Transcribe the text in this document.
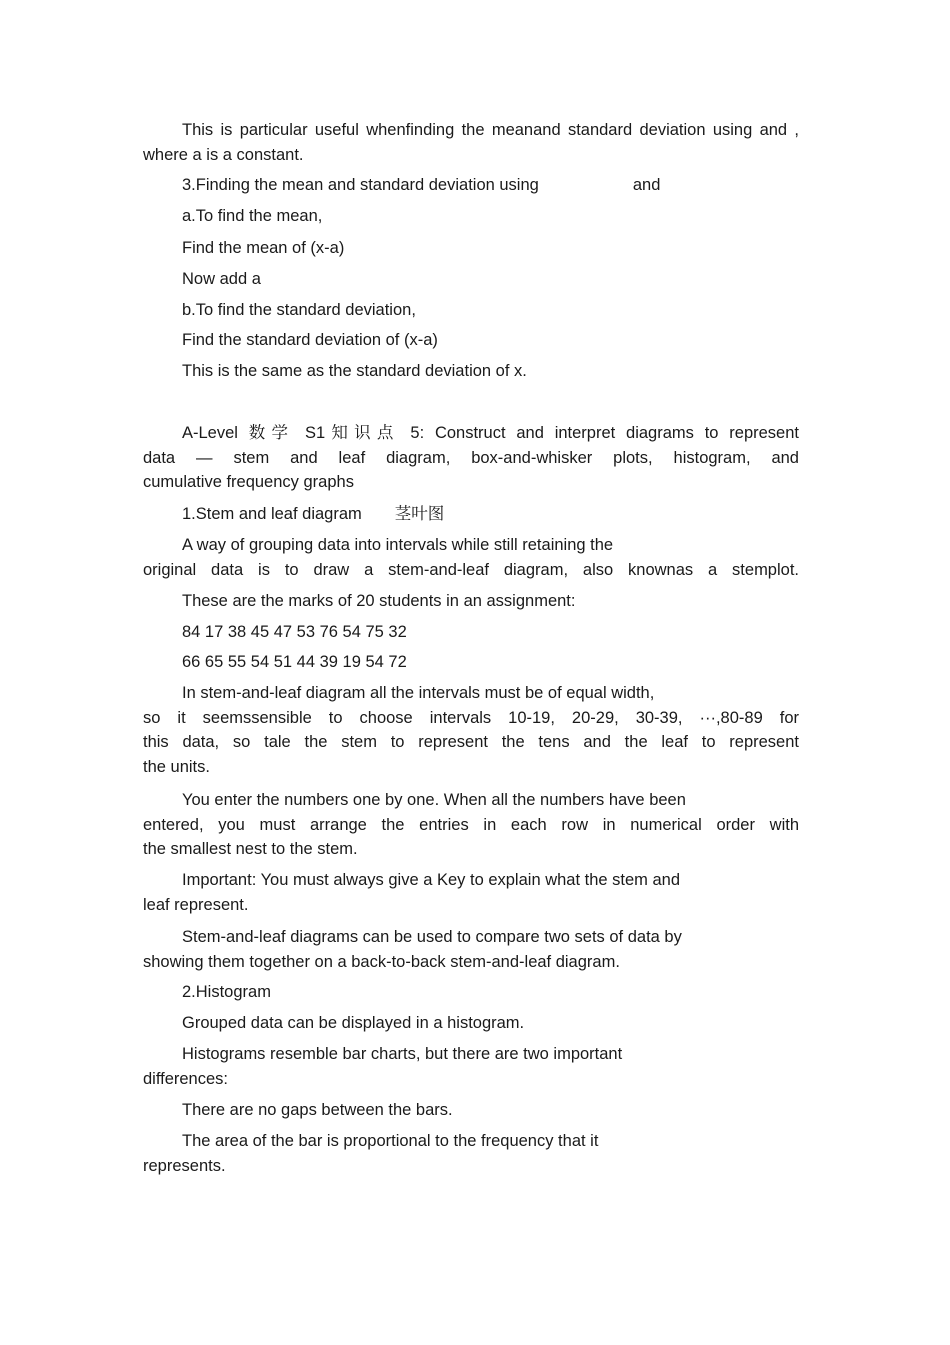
This is particular useful whenfinding the meanand standard deviation using and , where a is a constant.

3.Finding the mean and standard deviation using	and

a.To find the mean,

Find the mean of (x-a)

Now add a

b.To find the standard deviation,

Find the standard deviation of (x-a)

This is the same as the standard deviation of x.

A-Level 数学 S1知识点 5: Construct and interpret diagrams to represent
data — stem and leaf diagram, box-and-whisker plots, histogram, and
cumulative frequency graphs

1.Stem and leaf diagram　　茎叶图

A way of grouping data into intervals while still retaining the
original data is to draw a stem-and-leaf diagram, also knownas a stemplot.

These are the marks of 20 students in an assignment:

84 17 38 45 47 53 76 54 75 32

66 65 55 54 51 44 39 19 54 72

In stem-and-leaf diagram all the intervals must be of equal width,
so it seemssensible to choose intervals 10-19, 20-29, 30-39, ···,80-89 for
this data, so tale the stem to represent the tens and the leaf to represent
the units.
You enter the numbers one by one. When all the numbers have been
entered, you must arrange the entries in each row in numerical order with
the smallest nest to the stem.
Important: You must always give a Key to explain what the stem and
leaf represent.
Stem-and-leaf diagrams can be used to compare two sets of data by
showing them together on a back-to-back stem-and-leaf diagram.

2.Histogram

Grouped data can be displayed in a histogram.

Histograms resemble bar charts, but there are two important
differences:

There are no gaps between the bars.

The area of the bar is proportional to the frequency that it
represents.
